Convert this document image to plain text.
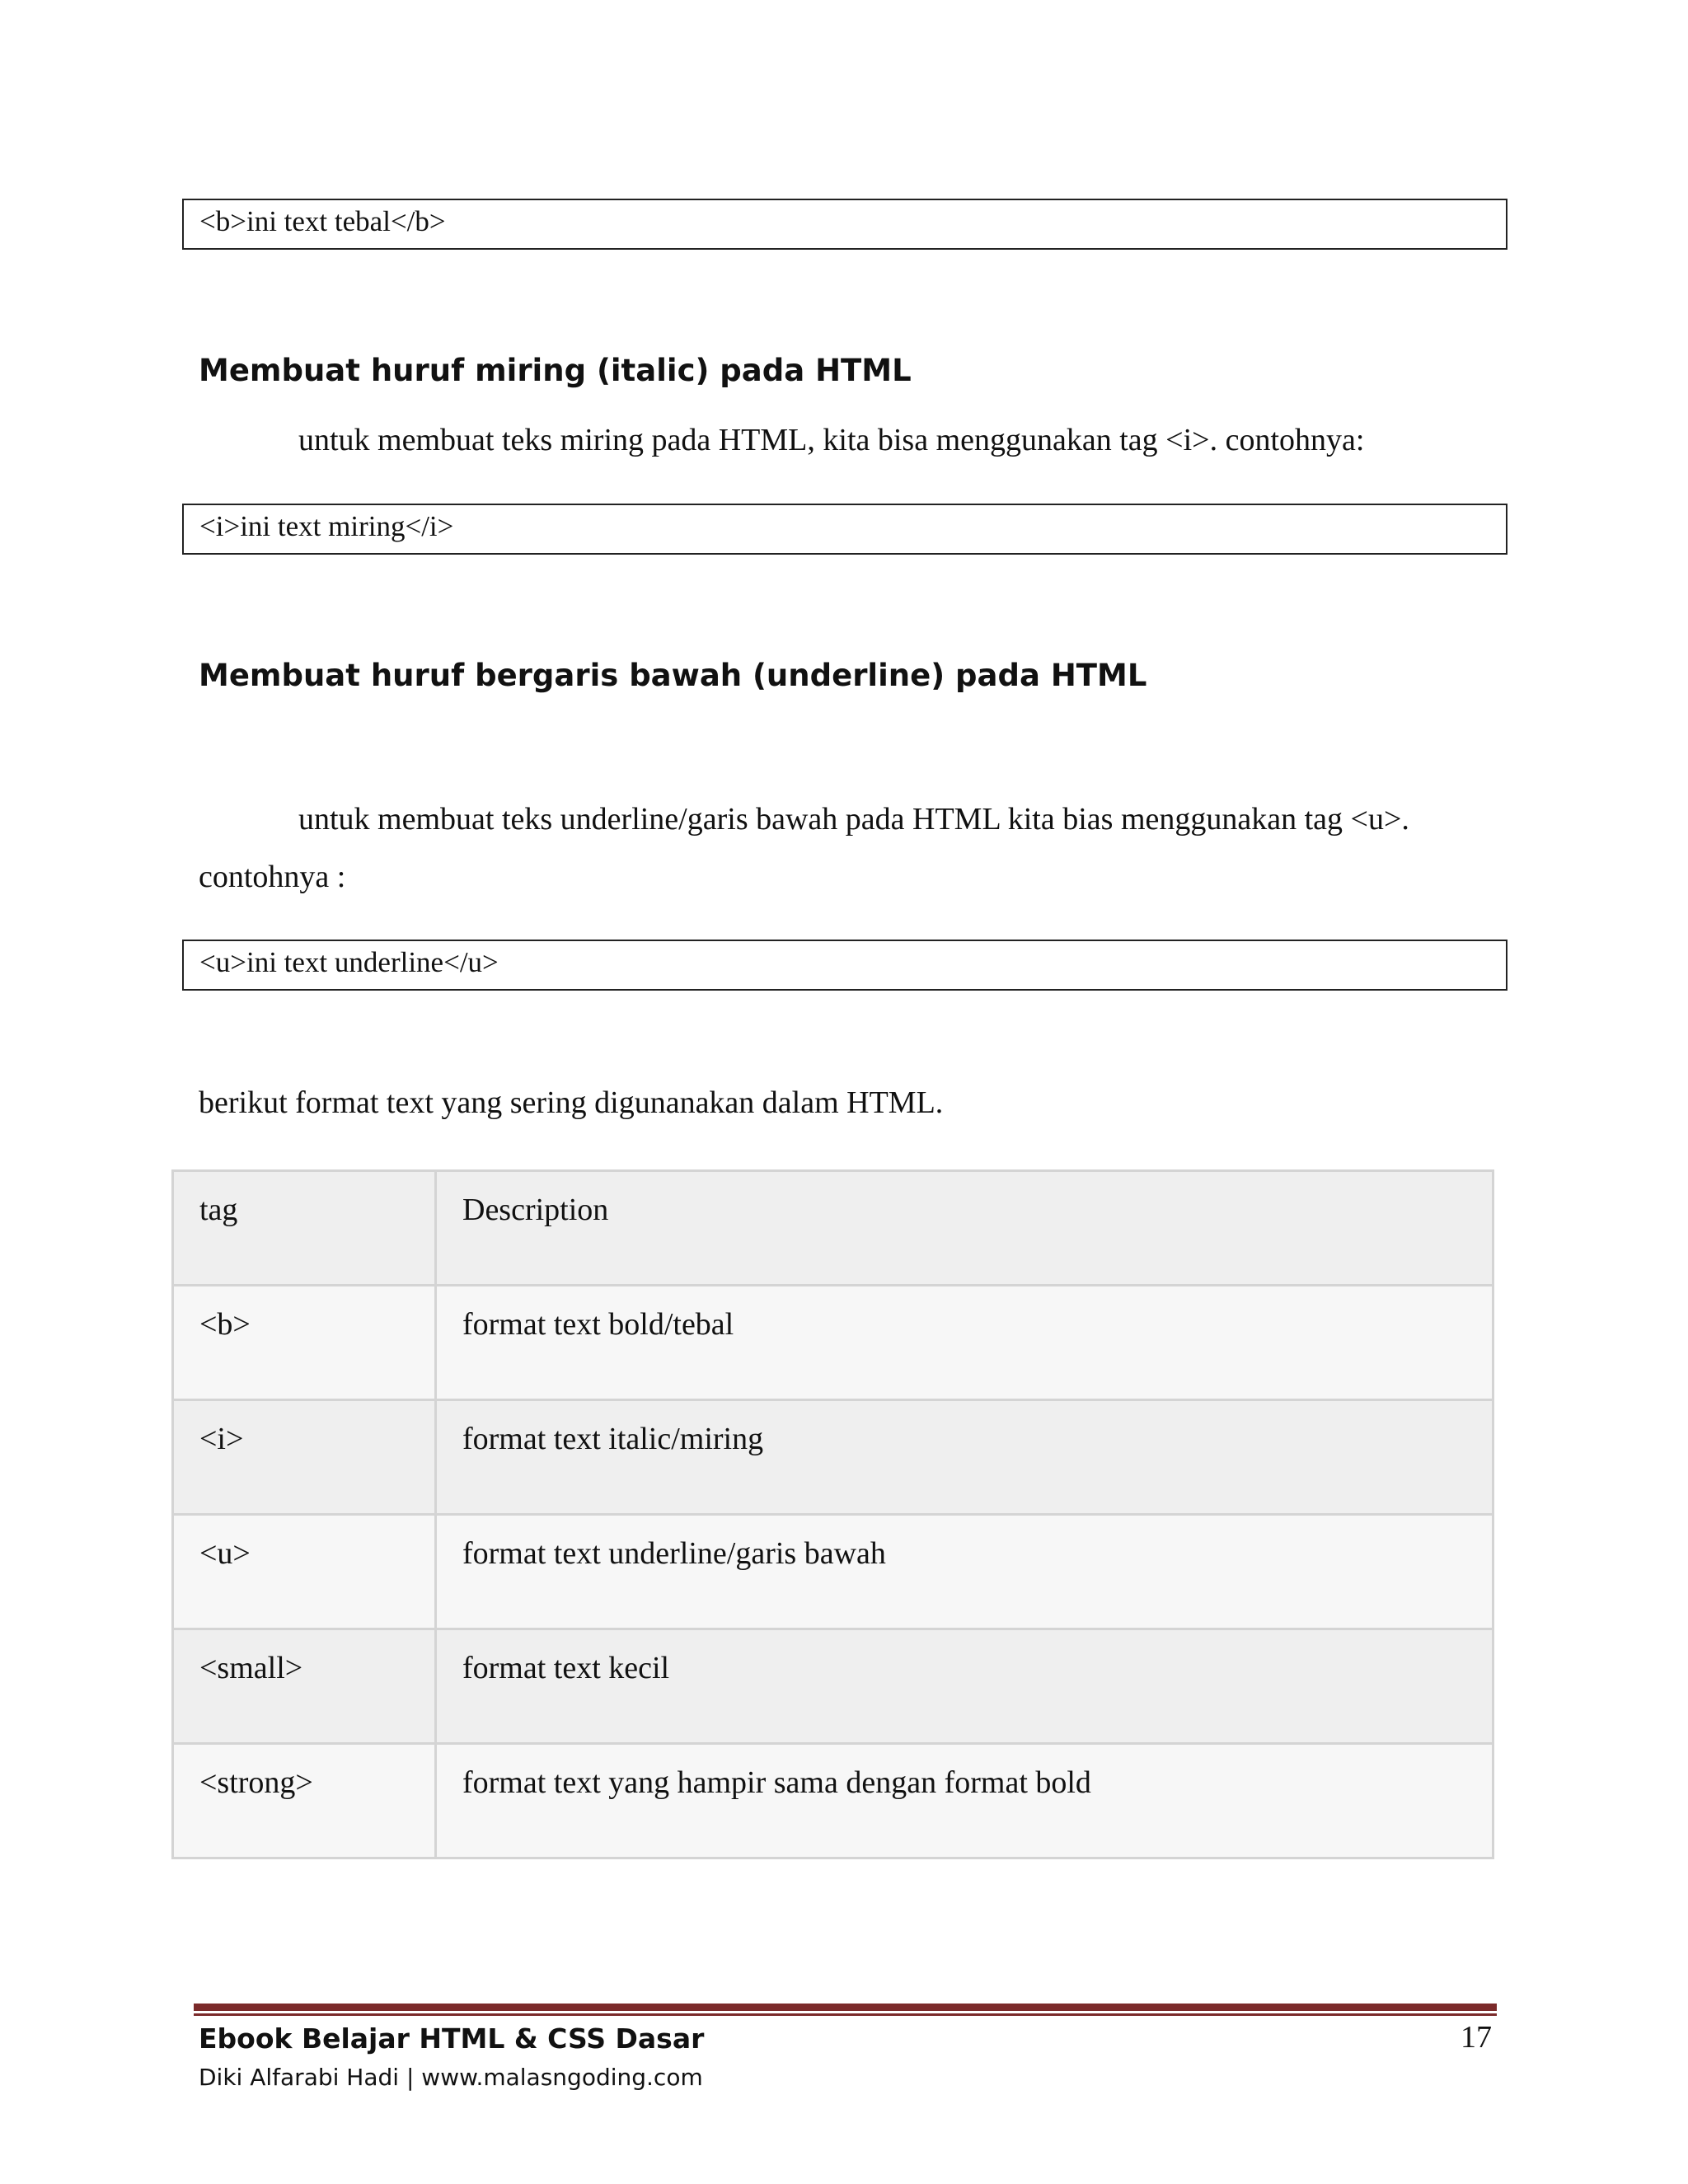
<b>ini text tebal</b>
Membuat huruf miring (italic) pada HTML

untuk membuat teks miring pada HTML, kita bisa menggunakan tag <i>. contohnya:

<i>ini text miring</i>
Membuat huruf bergaris bawah (underline) pada HTML

untuk membuat teks underline/garis bawah pada HTML kita bias menggunakan tag <u>. contohnya :

<u>ini text underline</u>

berikut format text yang sering digunanakan dalam HTML.

tag	Description
<b>	format text bold/tebal
<i>	format text italic/miring
<u>	format text underline/garis bawah
<small>	format text kecil
<strong>	format text yang hampir sama dengan format bold
Ebook Belajar HTML & CSS Dasar
Diki Alfarabi Hadi | www.malasngoding.com
17
